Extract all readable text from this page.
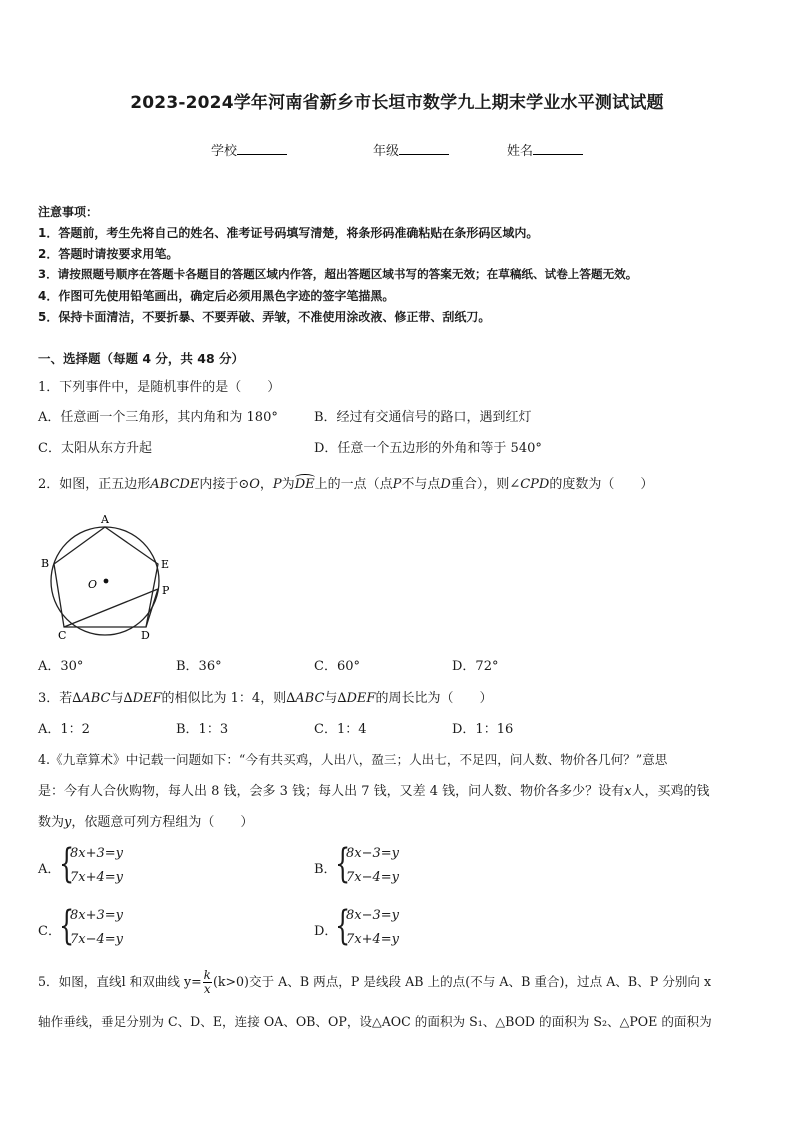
2023-2024学年河南省新乡市长垣市数学九上期末学业水平测试试题
学校	年级	姓名
注意事项：
1．答题前，考生先将自己的姓名、准考证号码填写清楚，将条形码准确粘贴在条形码区域内。
2．答题时请按要求用笔。
3．请按照题号顺序在答题卡各题目的答题区域内作答，超出答题区域书写的答案无效；在草稿纸、试卷上答题无效。
4．作图可先使用铅笔画出，确定后必须用黑色字迹的签字笔描黑。
5．保持卡面清洁，不要折暴、不要弄破、弄皱，不准使用涂改液、修正带、刮纸刀。
一、选择题（每题 4 分，共 48 分）
1．下列事件中，是随机事件的是（　　）
A．任意画一个三角形，其内角和为 180°	B．经过有交通信号的路口，遇到红灯
C．太阳从东方升起	D．任意一个五边形的外角和等于 540°
2．如图，正五边形ABCDE内接于⊙O，P为DE上的一点（点P不与点D重合），则∠CPD的度数为（　　）
A
B
C	D
E
P
O
A．30°	B．36°	C．60°	D．72°
3．若∆ABC与∆DEF的相似比为 1：4，则∆ABC与∆DEF的周长比为（　　）
A．1：2	B．1：3	C．1：4	D．1：16
4.《九章算术》中记载一问题如下：“今有共买鸡，人出八，盈三；人出七，不足四，问人数、物价各几何？”意思
是：今有人合伙购物，每人出 8 钱，会多 3 钱；每人出 7 钱，又差 4 钱，问人数、物价各多少？设有x人，买鸡的钱
数为y，依题意可列方程组为（　　）
A．
{
8x+3=y
7x+4=y
B．
{
8x−3=y
7x−4=y
C．
{
8x+3=y
7x−4=y
D．
{
8x−3=y
7x+4=y
5．如图，直线l 和双曲线 $y= \frac{k}{x} (k>0)$交于 A、B 两点，P 是线段 AB 上的点(不与 A、B 重合)，过点 A、B、P 分别向 x
轴作垂线，垂足分别为 C、D、E，连接 OA、OB、OP，设△AOC 的面积为 S₁、△BOD 的面积为 S₂、△POE 的面积为
